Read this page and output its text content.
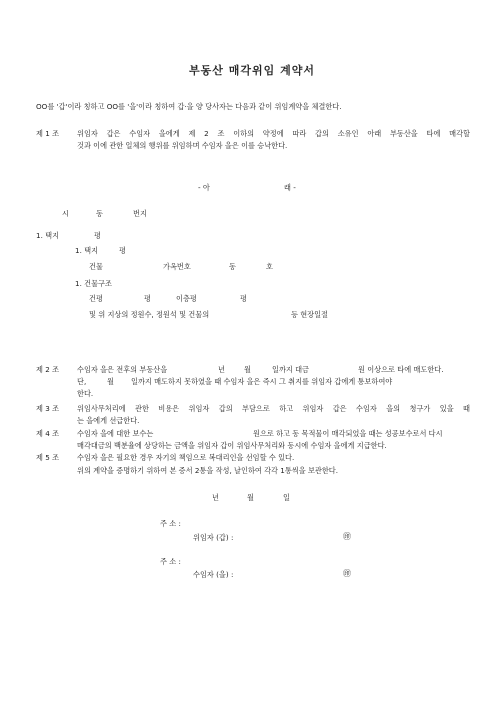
부동산 매각위임 계약서
OO를 '갑'이라 칭하고 OO를 '을'이라 칭하여 갑·을 양 당사자는 다음과 같이 위임계약을 체결한다.
제 1 조 위임자 갑은 수임자 을에게 제 2 조 이하의 약정에 따라 갑의 소유인 아래 부동산을 타에 매각할
것과 이에 관한 일체의 행위를 위임하며 수임자 을은 이를 승낙한다.
- 아	래 -
시	동	번지
1. 택지	평
1. 택지	평
건물	가옥번호	동	호
1. 건물구조
건평	평	이층평	평
및 위 지상의 정원수, 정원석 및 건물의	등 현장일절
제 2 조 수임자 을은 전후의 부동산을	년	월	일까지 대금	원 이상으로 타에 매도한다.
단,	월 일까지 매도하지 못하였을 때 수임자 을은 즉시 그 취지를 위임자 갑에게 통보하여야
한다.
제 3 조 위임사무처리에 관한 비용은 위임자 갑의 부담으로 하고 위임자 갑은 수임자 을의 청구가 있을 때
는 을에게 선급한다.
제 4 조 수임자 을에 대한 보수는	원으로 하고 동 목적물이 매각되었을 때는 성공보수로서 다시
매각대금의 백분율에 상당하는 금액을 위임자 갑이 위임사무처리와 동시에 수임자 을에게 지급한다.
제 5 조 수임자 을은 필요한 경우 자기의 책임으로 복대리인을 선임할 수 있다.
위의 계약을 증명하기 위하여 본 증서 2통을 작성, 날인하여 각각 1통씩을 보관한다.
년	월	일
주 소 :
위임자 (갑) :	㊞
주 소 :
수임자 (을) :	㊞
